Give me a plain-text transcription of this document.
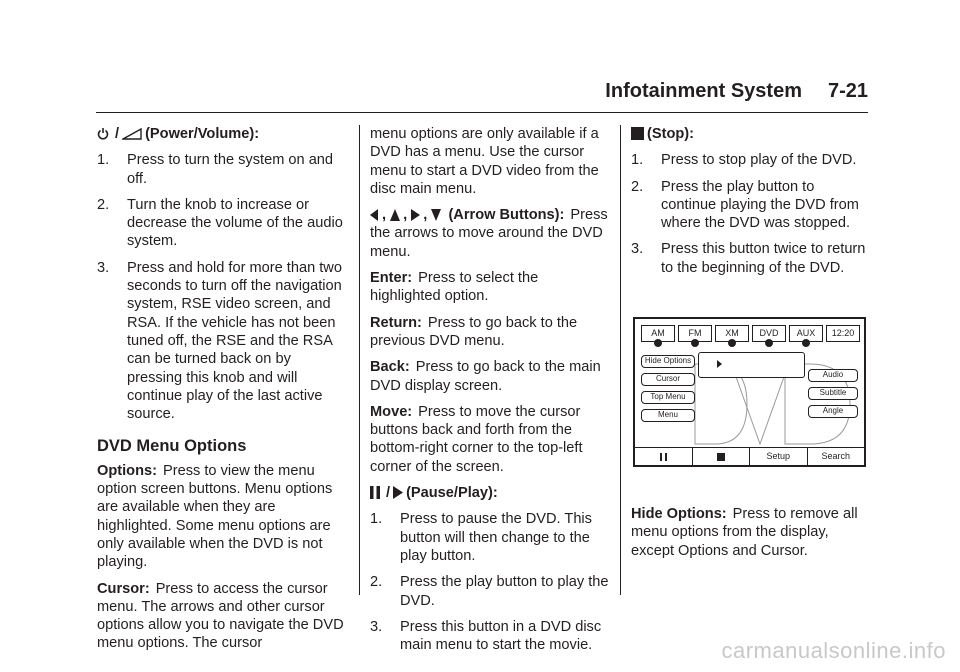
Infotainment System 7-21
/ (Power/Volume):
1. Press to turn the system on and off.
2. Turn the knob to increase or decrease the volume of the audio system.
3. Press and hold for more than two seconds to turn off the navigation system, RSE video screen, and RSA. If the vehicle has not been tuned off, the RSE and the RSA can be turned back on by pressing this knob and will continue play of the last active source.
DVD Menu Options

Options: Press to view the menu option screen buttons. Menu options are available when they are highlighted. Some menu options are only available when the DVD is not playing.

Cursor: Press to access the cursor menu. The arrows and other cursor options allow you to navigate the DVD menu options. The cursor

menu options are only available if a DVD has a menu. Use the cursor menu to start a DVD video from the disc main menu.

, , , (Arrow Buttons): Press the arrows to move around the DVD menu.

Enter: Press to select the highlighted option.

Return: Press to go back to the previous DVD menu.

Back: Press to go back to the main DVD display screen.

Move: Press to move the cursor buttons back and forth from the bottom-right corner to the top-left corner of the screen.

/ (Pause/Play):
1. Press to pause the DVD. This button will then change to the play button.
2. Press the play button to play the DVD.
3. Press this button in a DVD disc main menu to start the movie.
(Stop):
1. Press to stop play of the DVD.
2. Press the play button to continue playing the DVD from where the DVD was stopped.
3. Press this button twice to return to the beginning of the DVD.
AM	FM	XM DVD AUX 12:20
Hide Options
Cursor
Top Menu
Menu
Audio
Subtitle
Angle
Setup	Search

Hide Options: Press to remove all menu options from the display, except Options and Cursor.

carmanualsonline.info
